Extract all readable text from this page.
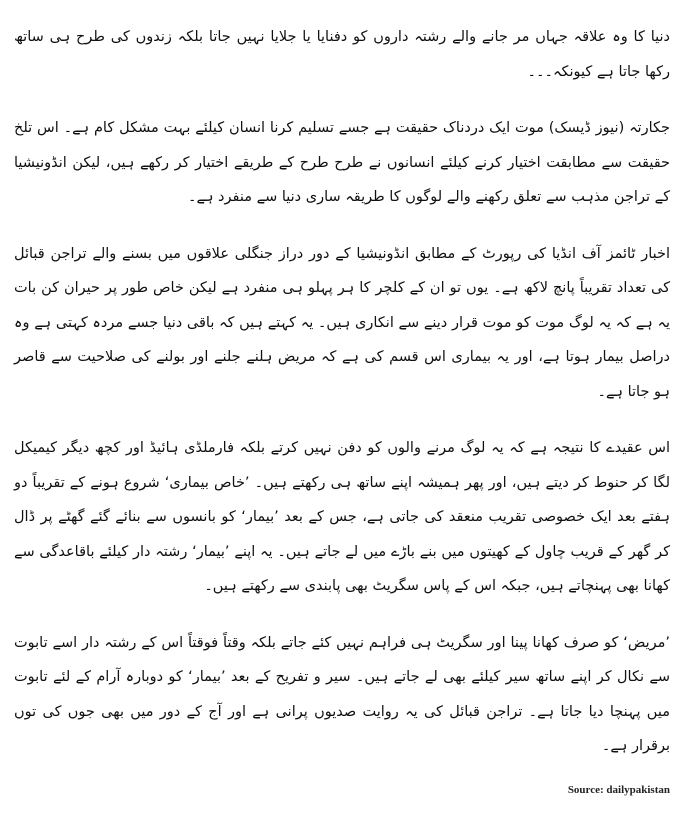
دنیا کا وہ علاقہ جہاں مر جانے والے رشتہ داروں کو دفنایا یا جلایا نہیں جاتا بلکہ زندوں کی طرح ہی ساتھ رکھا جاتا ہے کیونکہ۔۔۔

جکارتہ (نیوز ڈیسک) موت ایک دردناک حقیقت ہے جسے تسلیم کرنا انسان کیلئے بہت مشکل کام ہے۔ اس تلخ حقیقت سے مطابقت اختیار کرنے کیلئے انسانوں نے طرح طرح کے طریقے اختیار کر رکھے ہیں، لیکن انڈونیشیا کے تراجن مذہب سے تعلق رکھنے والے لوگوں کا طریقہ ساری دنیا سے منفرد ہے۔

اخبار ٹائمز آف انڈیا کی رپورٹ کے مطابق انڈونیشیا کے دور دراز جنگلی علاقوں میں بسنے والے تراجن قبائل کی تعداد تقریباً پانچ لاکھ ہے۔ یوں تو ان کے کلچر کا ہر پہلو ہی منفرد ہے لیکن خاص طور پر حیران کن بات یہ ہے کہ یہ لوگ موت کو موت قرار دینے سے انکاری ہیں۔ یہ کہتے ہیں کہ باقی دنیا جسے مردہ کہتی ہے وہ دراصل بیمار ہوتا ہے، اور یہ بیماری اس قسم کی ہے کہ مریض ہلنے جلنے اور بولنے کی صلاحیت سے قاصر ہو جاتا ہے۔

اس عقیدے کا نتیجہ ہے کہ یہ لوگ مرنے والوں کو دفن نہیں کرتے بلکہ فارملڈی ہائیڈ اور کچھ دیگر کیمیکل لگا کر حنوط کر دیتے ہیں، اور پھر ہمیشہ اپنے ساتھ ہی رکھتے ہیں۔ ’خاص بیماری‘ شروع ہونے کے تقریباً دو ہفتے بعد ایک خصوصی تقریب منعقد کی جاتی ہے، جس کے بعد ’بیمار‘ کو بانسوں سے بنائے گئے گھٹے پر ڈال کر گھر کے قریب چاول کے کھیتوں میں بنے باڑے میں لے جاتے ہیں۔ یہ اپنے ’بیمار‘ رشتہ دار کیلئے باقاعدگی سے کھانا بھی پہنچاتے ہیں، جبکہ اس کے پاس سگریٹ بھی پابندی سے رکھتے ہیں۔

’مریض‘ کو صرف کھانا پینا اور سگریٹ ہی فراہم نہیں کئے جاتے بلکہ وقتاً فوقتاً اس کے رشتہ دار اسے تابوت سے نکال کر اپنے ساتھ سیر کیلئے بھی لے جاتے ہیں۔ سیر و تفریح کے بعد ’بیمار‘ کو دوبارہ آرام کے لئے تابوت میں پہنچا دیا جاتا ہے۔ تراجن قبائل کی یہ روایت صدیوں پرانی ہے اور آج کے دور میں بھی جوں کی توں برقرار ہے۔

Source: dailypakistan
